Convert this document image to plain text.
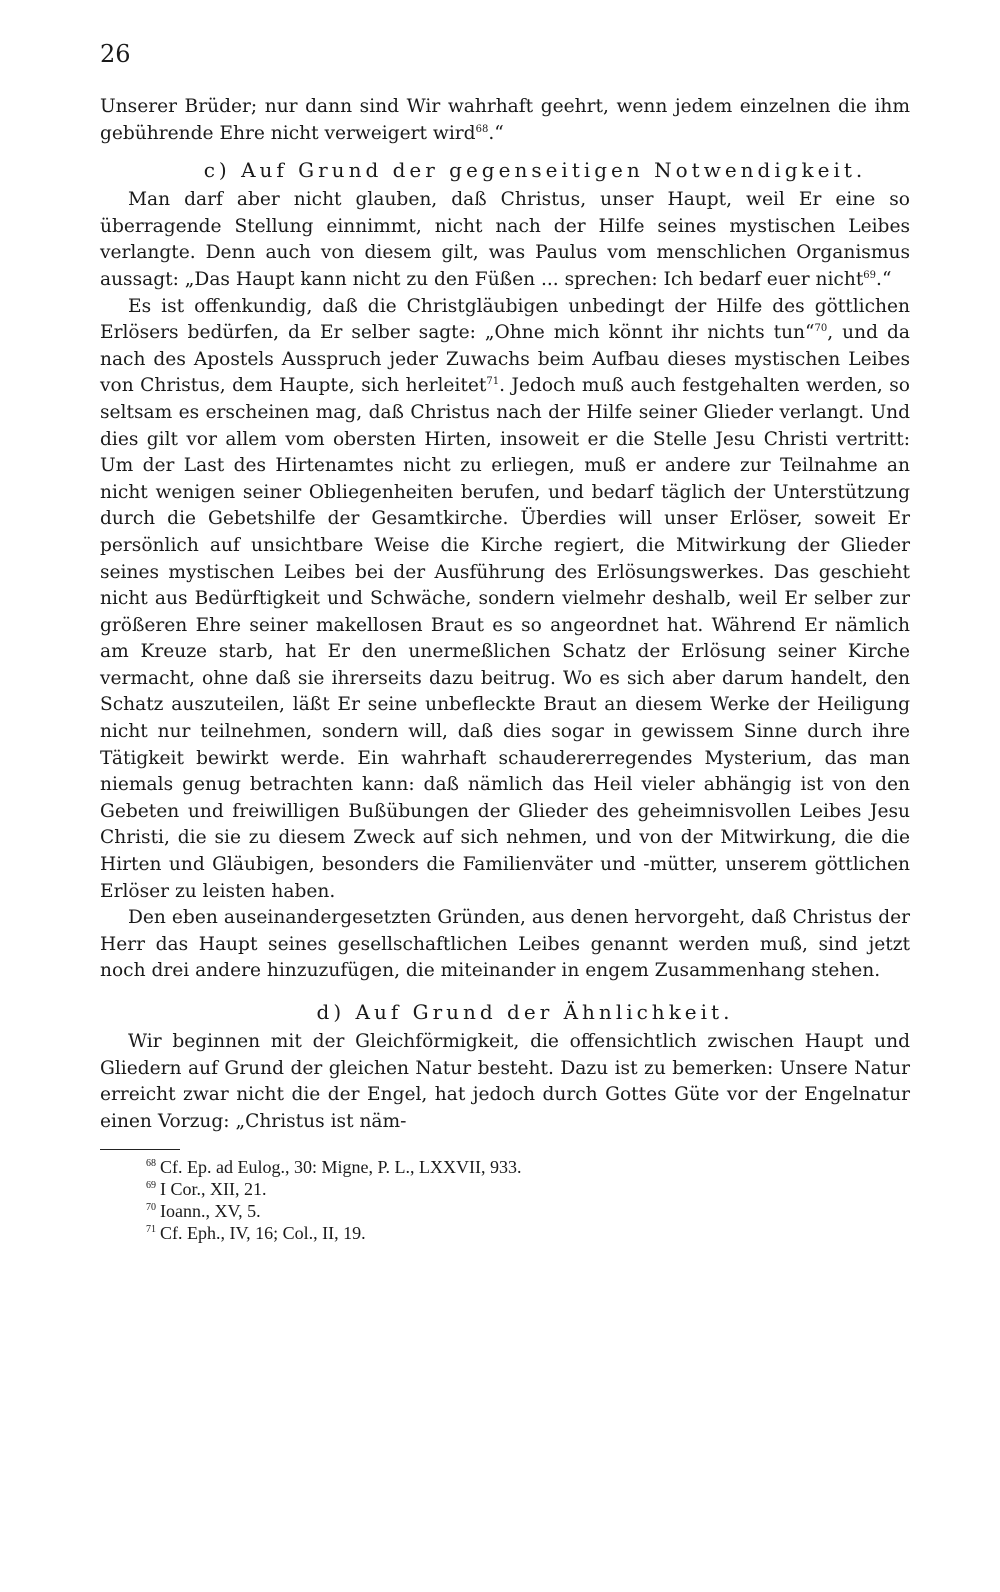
26

Unserer Brüder; nur dann sind Wir wahrhaft geehrt, wenn jedem einzelnen die ihm gebührende Ehre nicht verweigert wird$^{68}$.“

c) Auf Grund der gegenseitigen Notwendigkeit.

Man darf aber nicht glauben, daß Christus, unser Haupt, weil Er eine so überragende Stellung einnimmt, nicht nach der Hilfe seines mystischen Leibes verlangte. Denn auch von diesem gilt, was Paulus vom menschlichen Organismus aussagt: „Das Haupt kann nicht zu den Füßen ... sprechen: Ich bedarf euer nicht$^{69}$.“

Es ist offenkundig, daß die Christgläubigen unbedingt der Hilfe des göttlichen Erlösers bedürfen, da Er selber sagte: „Ohne mich könnt ihr nichts tun“$^{70}$, und da nach des Apostels Ausspruch jeder Zuwachs beim Aufbau dieses mystischen Leibes von Christus, dem Haupte, sich herleitet$^{71}$. Jedoch muß auch festgehalten werden, so seltsam es erscheinen mag, daß Christus nach der Hilfe seiner Glieder verlangt. Und dies gilt vor allem vom obersten Hirten, insoweit er die Stelle Jesu Christi vertritt: Um der Last des Hirtenamtes nicht zu erliegen, muß er andere zur Teilnahme an nicht wenigen seiner Obliegenheiten berufen, und bedarf täglich der Unterstützung durch die Gebetshilfe der Gesamtkirche. Überdies will unser Erlöser, soweit Er persönlich auf unsichtbare Weise die Kirche regiert, die Mitwirkung der Glieder seines mystischen Leibes bei der Ausführung des Erlösungswerkes. Das geschieht nicht aus Bedürftigkeit und Schwäche, sondern vielmehr deshalb, weil Er selber zur größeren Ehre seiner makellosen Braut es so angeordnet hat. Während Er nämlich am Kreuze starb, hat Er den unermeßlichen Schatz der Erlösung seiner Kirche vermacht, ohne daß sie ihrerseits dazu beitrug. Wo es sich aber darum handelt, den Schatz auszuteilen, läßt Er seine unbefleckte Braut an diesem Werke der Heiligung nicht nur teilnehmen, sondern will, daß dies sogar in gewissem Sinne durch ihre Tätigkeit bewirkt werde. Ein wahrhaft schaudererregendes Mysterium, das man niemals genug betrachten kann: daß nämlich das Heil vieler abhängig ist von den Gebeten und freiwilligen Bußübungen der Glieder des geheimnisvollen Leibes Jesu Christi, die sie zu diesem Zweck auf sich nehmen, und von der Mitwirkung, die die Hirten und Gläubigen, besonders die Familienväter und -mütter, unserem göttlichen Erlöser zu leisten haben.

Den eben auseinandergesetzten Gründen, aus denen hervorgeht, daß Christus der Herr das Haupt seines gesellschaftlichen Leibes genannt werden muß, sind jetzt noch drei andere hinzuzufügen, die miteinander in engem Zusammenhang stehen.

d) Auf Grund der Ähnlichkeit.

Wir beginnen mit der Gleichförmigkeit, die offensichtlich zwischen Haupt und Gliedern auf Grund der gleichen Natur besteht. Dazu ist zu bemerken: Unsere Natur erreicht zwar nicht die der Engel, hat jedoch durch Gottes Güte vor der Engelnatur einen Vorzug: „Christus ist näm-

$^{68}$ Cf. Ep. ad Eulog., 30: Migne, P. L., LXXVII, 933.

$^{69}$ I Cor., XII, 21.

$^{70}$ Ioann., XV, 5.

$^{71}$ Cf. Eph., IV, 16; Col., II, 19.
